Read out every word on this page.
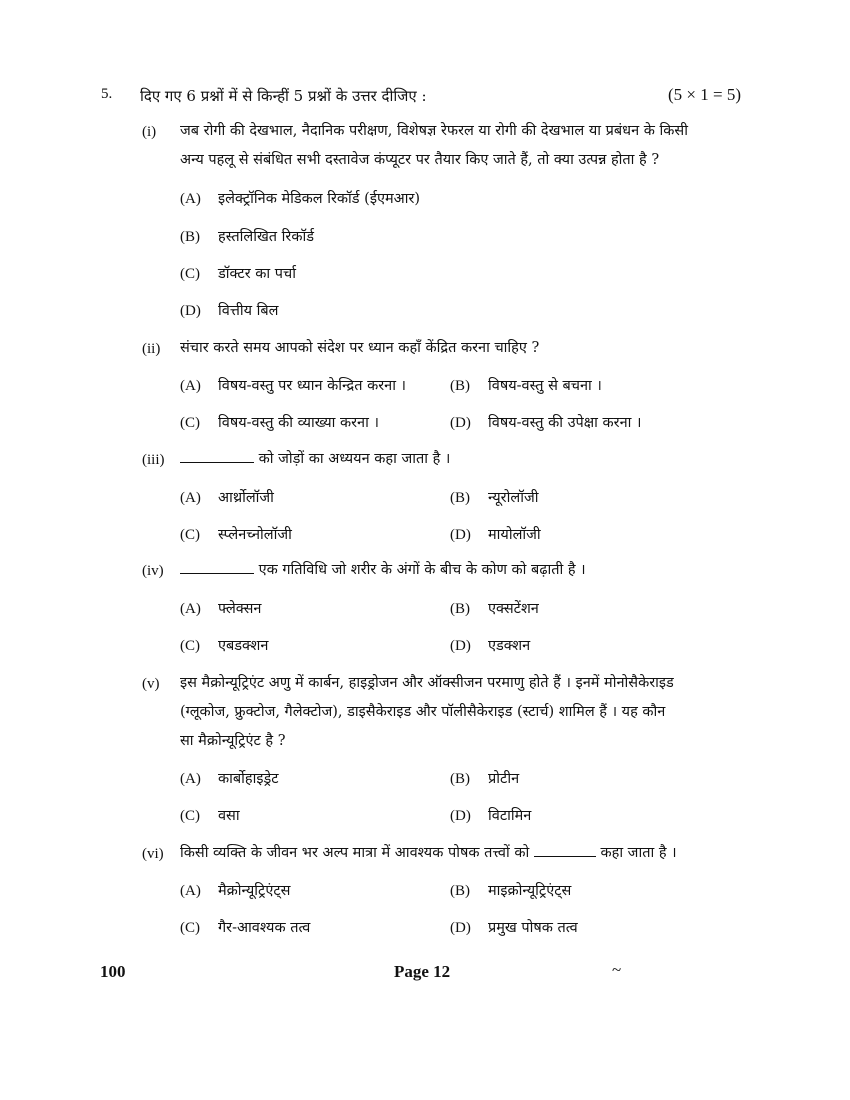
5. दिए गए 6 प्रश्नों में से किन्हीं 5 प्रश्नों के उत्तर दीजिए :	(5 × 1 = 5)
(i) जब रोगी की देखभाल, नैदानिक परीक्षण, विशेषज्ञ रेफरल या रोगी की देखभाल या प्रबंधन के किसी
अन्य पहलू से संबंधित सभी दस्तावेज कंप्यूटर पर तैयार किए जाते हैं, तो क्या उत्पन्न होता है ?
(A) इलेक्ट्रॉनिक मेडिकल रिकॉर्ड (ईएमआर)
(B) हस्तलिखित रिकॉर्ड
(C) डॉक्टर का पर्चा
(D) वित्तीय बिल
(ii) संचार करते समय आपको संदेश पर ध्यान कहाँ केंद्रित करना चाहिए ?
(A) विषय-वस्तु पर ध्यान केन्द्रित करना ।	(B) विषय-वस्तु से बचना ।
(C) विषय-वस्तु की व्याख्या करना ।	(D) विषय-वस्तु की उपेक्षा करना ।
(iii)	को जोड़ों का अध्ययन कहा जाता है ।
(A) आर्थ्रोलॉजी	(B) न्यूरोलॉजी
(C) स्प्लेनच्नोलॉजी	(D) मायोलॉजी
(iv)	एक गतिविधि जो शरीर के अंगों के बीच के कोण को बढ़ाती है ।
(A) फ्लेक्सन	(B) एक्सटेंशन
(C) एबडक्शन	(D) एडक्शन
(v) इस मैक्रोन्यूट्रिएंट अणु में कार्बन, हाइड्रोजन और ऑक्सीजन परमाणु होते हैं । इनमें मोनोसैकेराइड
(ग्लूकोज, फ्रुक्टोज, गैलेक्टोज), डाइसैकेराइड और पॉलीसैकेराइड (स्टार्च) शामिल हैं । यह कौन
सा मैक्रोन्यूट्रिएंट है ?
(A) कार्बोहाइड्रेट	(B) प्रोटीन
(C) वसा	(D) विटामिन
(vi) किसी व्यक्ति के जीवन भर अल्प मात्रा में आवश्यक पोषक तत्त्वों को	कहा जाता है ।
(A) मैक्रोन्यूट्रिएंट्स	(B) माइक्रोन्यूट्रिएंट्स
(C) गैर-आवश्यक तत्व	(D) प्रमुख पोषक तत्व
100	Page 12	~
